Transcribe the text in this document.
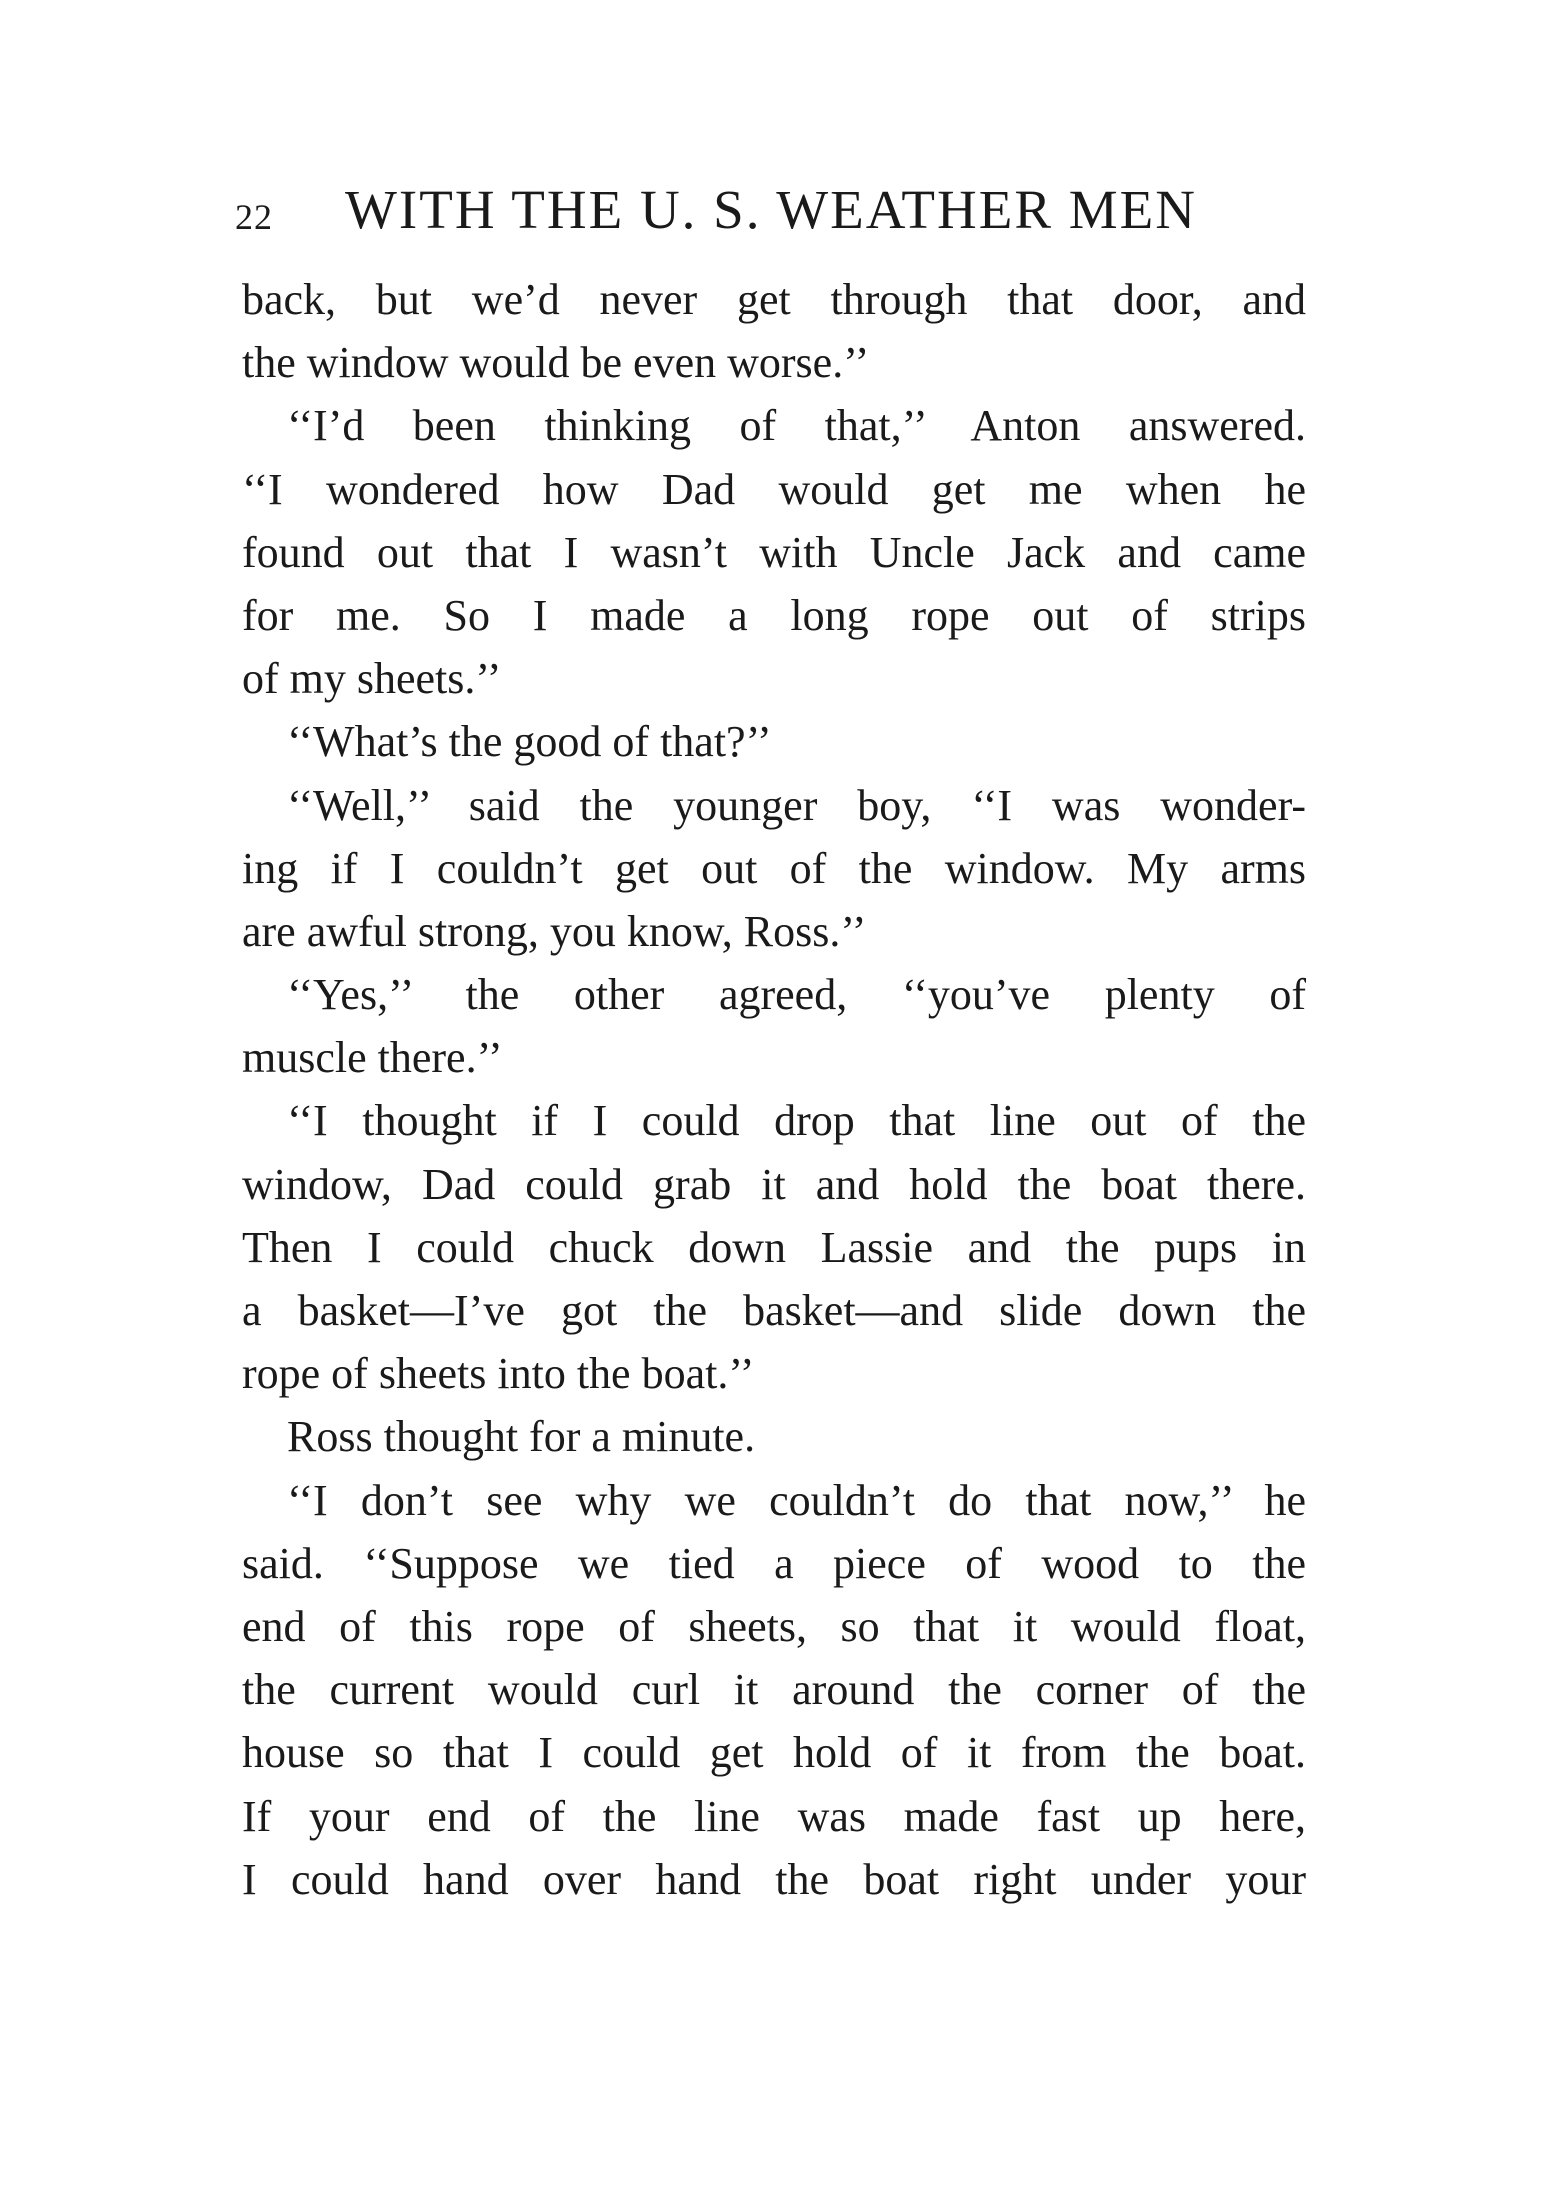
22 WITH THE U. S. WEATHER MEN
back, but we’d never get through that door, and
the window would be even worse.’’
‘‘I’d been thinking of that,’’ Anton answered.
‘‘I wondered how Dad would get me when he
found out that I wasn’t with Uncle Jack and came
for me. So I made a long rope out of strips
of my sheets.’’
‘‘What’s the good of that?’’
‘‘Well,’’ said the younger boy, ‘‘I was wonder-
ing if I couldn’t get out of the window. My arms
are awful strong, you know, Ross.’’
‘‘Yes,’’ the other agreed, ‘‘you’ve plenty of
muscle there.’’
‘‘I thought if I could drop that line out of the
window, Dad could grab it and hold the boat there.
Then I could chuck down Lassie and the pups in
a basket—I’ve got the basket—and slide down the
rope of sheets into the boat.’’
Ross thought for a minute.
‘‘I don’t see why we couldn’t do that now,’’ he
said. ‘‘Suppose we tied a piece of wood to the
end of this rope of sheets, so that it would float,
the current would curl it around the corner of the
house so that I could get hold of it from the boat.
If your end of the line was made fast up here,
I could hand over hand the boat right under your
